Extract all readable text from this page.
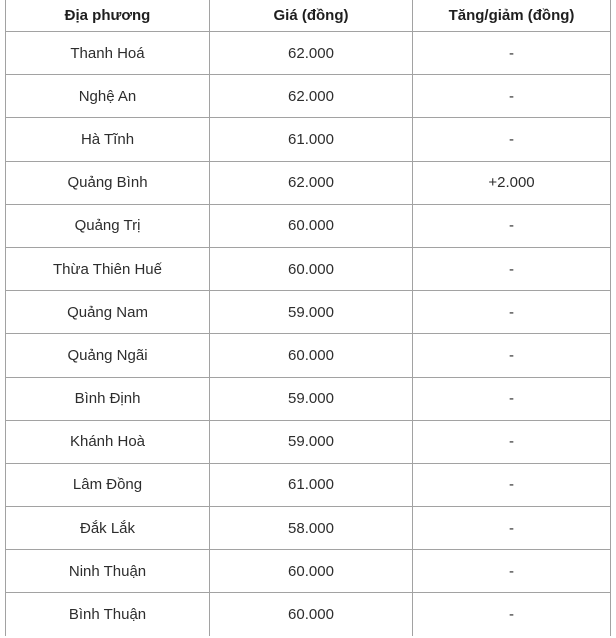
Địa phương	Giá (đồng)	Tăng/giảm (đồng)
Thanh Hoá	62.000	-
Nghệ An	62.000	-
Hà Tĩnh	61.000	-
Quảng Bình	62.000	+2.000
Quảng Trị	60.000	-
Thừa Thiên Huế	60.000	-
Quảng Nam	59.000	-
Quảng Ngãi	60.000	-
Bình Định	59.000	-
Khánh Hoà	59.000	-
Lâm Đồng	61.000	-
Đắk Lắk	58.000	-
Ninh Thuận	60.000	-
Bình Thuận	60.000	-
